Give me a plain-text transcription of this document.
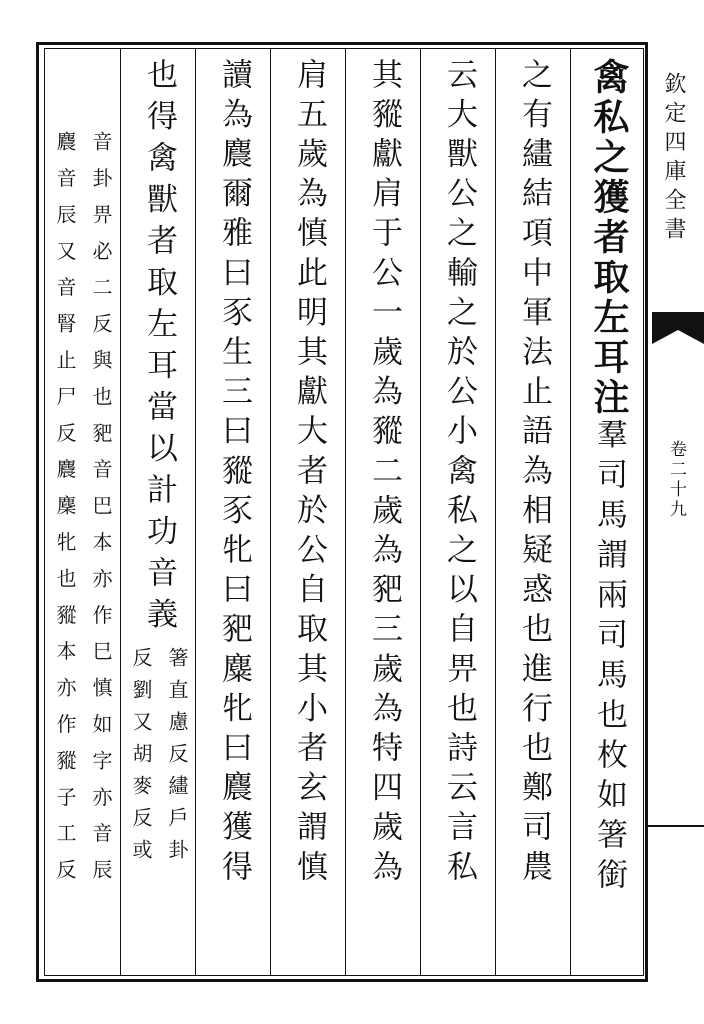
禽私之獲者取左耳注
羣司馬謂兩司馬也枚如箸銜
之有繣結項中軍法止語為相疑惑也進行也鄭司農
云大獸公之輸之於公小禽私之以自畀也詩云言私
其豵獻肩于公一歲為豵二歲為豝三歲為特四歲為
肩五歲為慎此明其獻大者於公自取其小者玄謂慎
讀為麎爾雅曰豕生三曰豵豕牝曰豝麋牝曰麎獲得
也得禽獸者取左耳當以計功音義
箸直慮反繣戶卦
反劉又胡麥反或
音卦畀必二反與也豝音巴本亦作巳慎如字亦音辰
麎音辰又音腎止尸反麎麇牝也豵本亦作豵子工反	欽定四庫全書
卷二十九
